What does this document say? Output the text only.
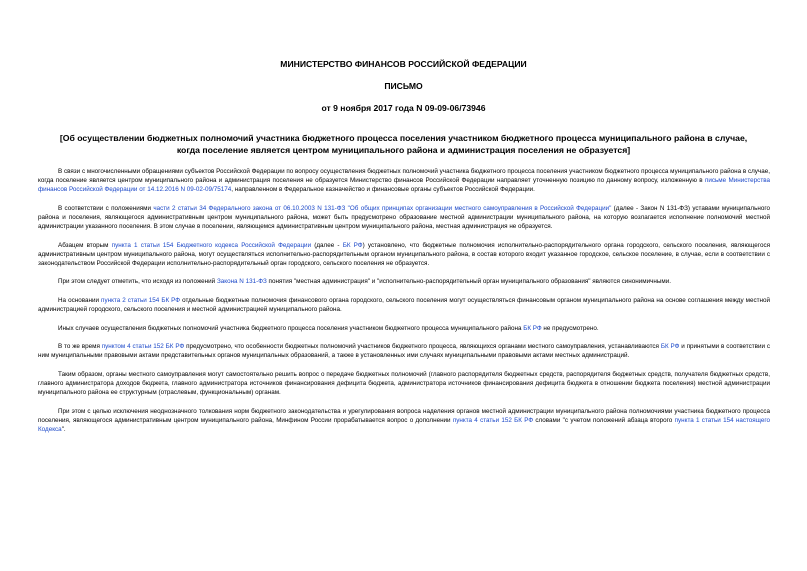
МИНИСТЕРСТВО ФИНАНСОВ РОССИЙСКОЙ ФЕДЕРАЦИИ
ПИСЬМО
от 9 ноября 2017 года N 09-09-06/73946
[Об осуществлении бюджетных полномочий участника бюджетного процесса поселения участником бюджетного процесса муниципального района в случае, когда поселение является центром муниципального района и администрация поселения не образуется]

В связи с многочисленными обращениями субъектов Российской Федерации по вопросу осуществления бюджетных полномочий участника бюджетного процесса поселения участником бюджетного процесса муниципального района в случае, когда поселение является центром муниципального района и администрация поселения не образуется Министерство финансов Российской Федерации направляет уточненную позицию по данному вопросу, изложенную в письме Министерства финансов Российской Федерации от 14.12.2016 N 09-02-09/75174, направленном в Федеральное казначейство и финансовые органы субъектов Российской Федерации.

В соответствии с положениями части 2 статьи 34 Федерального закона от 06.10.2003 N 131-ФЗ "Об общих принципах организации местного самоуправления в Российской Федерации" (далее - Закон N 131-ФЗ) уставами муниципального района и поселения, являющегося административным центром муниципального района, может быть предусмотрено образование местной администрации муниципального района, на которую возлагается исполнение полномочий местной администрации указанного поселения. В этом случае в поселении, являющемся административным центром муниципального района, местная администрация не образуется.

Абзацем вторым пункта 1 статьи 154 Бюджетного кодекса Российской Федерации (далее - БК РФ) установлено, что бюджетные полномочия исполнительно-распорядительного органа городского, сельского поселения, являющегося административным центром муниципального района, могут осуществляться исполнительно-распорядительным органом муниципального района, в состав которого входит указанное городское, сельское поселение, в случае, если в соответствии с законодательством Российской Федерации исполнительно-распорядительный орган городского, сельского поселения не образуется.

При этом следует отметить, что исходя из положений Закона N 131-ФЗ понятия "местная администрация" и "исполнительно-распорядительный орган муниципального образования" являются синонимичными.

На основании пункта 2 статьи 154 БК РФ отдельные бюджетные полномочия финансового органа городского, сельского поселения могут осуществляться финансовым органом муниципального района на основе соглашения между местной администрацией городского, сельского поселения и местной администрацией муниципального района.

Иных случаев осуществления бюджетных полномочий участника бюджетного процесса поселения участником бюджетного процесса муниципального района БК РФ не предусмотрено.

В то же время пунктом 4 статьи 152 БК РФ предусмотрено, что особенности бюджетных полномочий участников бюджетного процесса, являющихся органами местного самоуправления, устанавливаются БК РФ и принятыми в соответствии с ним муниципальными правовыми актами представительных органов муниципальных образований, а также в установленных ими случаях муниципальными правовыми актами местных администраций.

Таким образом, органы местного самоуправления могут самостоятельно решить вопрос о передаче бюджетных полномочий (главного распорядителя бюджетных средств, распорядителя бюджетных средств, получателя бюджетных средств, главного администратора доходов бюджета, главного администратора источников финансирования дефицита бюджета, администратора источников финансирования дефицита бюджета в отношении бюджета поселения) местной администрации муниципального района ее структурным (отраслевым, функциональным) органам.

При этом с целью исключения неоднозначного толкования норм бюджетного законодательства и урегулирования вопроса наделения органов местной администрации муниципального района полномочиями участника бюджетного процесса поселения, являющегося административным центром муниципального района, Минфином России прорабатывается вопрос о дополнении пункта 4 статьи 152 БК РФ словами "с учетом положений абзаца второго пункта 1 статьи 154 настоящего Кодекса".
